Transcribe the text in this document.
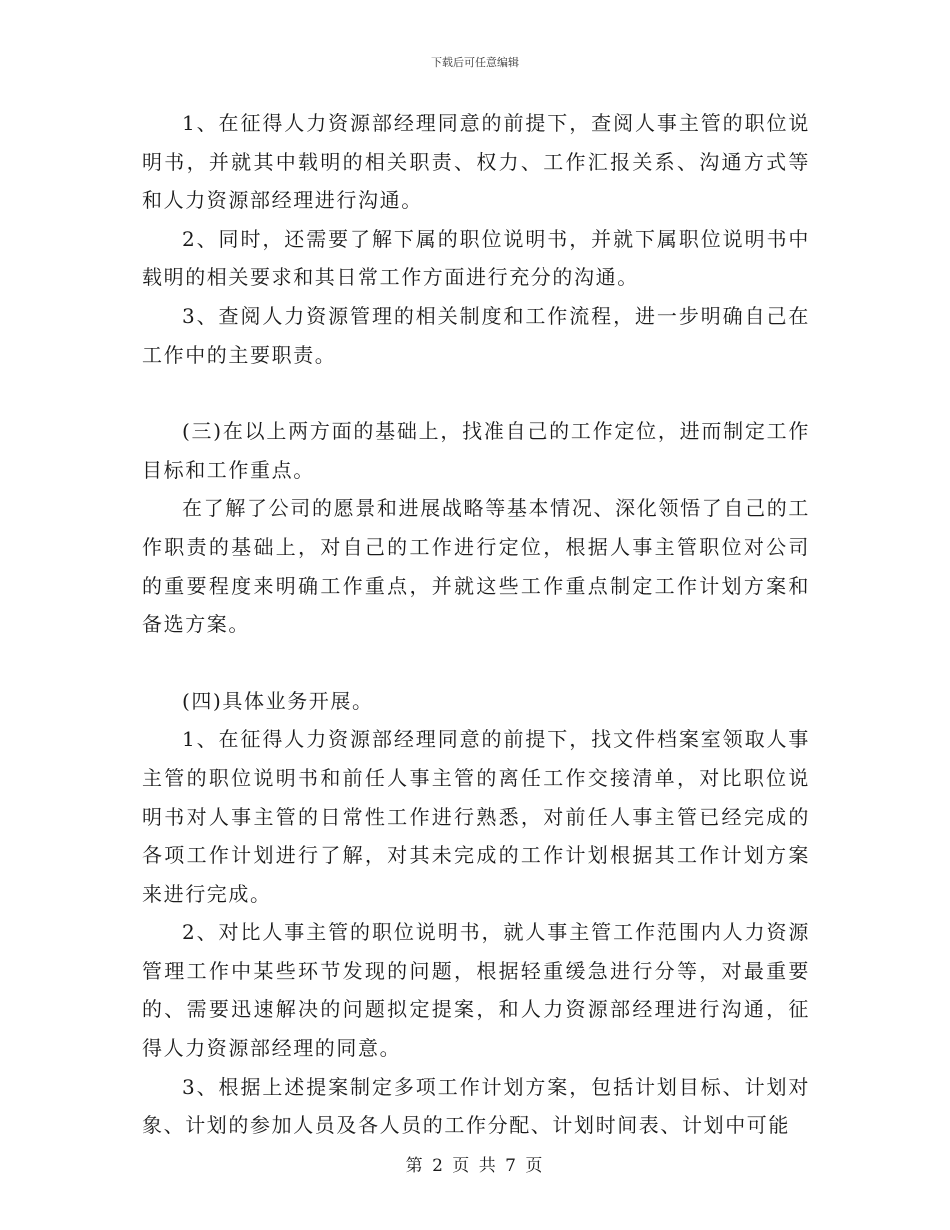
下载后可任意编辑

1、在征得人力资源部经理同意的前提下，查阅人事主管的职位说明书，并就其中载明的相关职责、权力、工作汇报关系、沟通方式等和人力资源部经理进行沟通。

2、同时，还需要了解下属的职位说明书，并就下属职位说明书中载明的相关要求和其日常工作方面进行充分的沟通。

3、查阅人力资源管理的相关制度和工作流程，进一步明确自己在工作中的主要职责。

(三)在以上两方面的基础上，找准自己的工作定位，进而制定工作目标和工作重点。

在了解了公司的愿景和进展战略等基本情况、深化领悟了自己的工作职责的基础上，对自己的工作进行定位，根据人事主管职位对公司的重要程度来明确工作重点，并就这些工作重点制定工作计划方案和备选方案。

(四)具体业务开展。

1、在征得人力资源部经理同意的前提下，找文件档案室领取人事主管的职位说明书和前任人事主管的离任工作交接清单，对比职位说明书对人事主管的日常性工作进行熟悉，对前任人事主管已经完成的各项工作计划进行了解，对其未完成的工作计划根据其工作计划方案来进行完成。

2、对比人事主管的职位说明书，就人事主管工作范围内人力资源管理工作中某些环节发现的问题，根据轻重缓急进行分等，对最重要的、需要迅速解决的问题拟定提案，和人力资源部经理进行沟通，征得人力资源部经理的同意。

3、根据上述提案制定多项工作计划方案，包括计划目标、计划对象、计划的参加人员及各人员的工作分配、计划时间表、计划中可能

第 2 页 共 7 页
